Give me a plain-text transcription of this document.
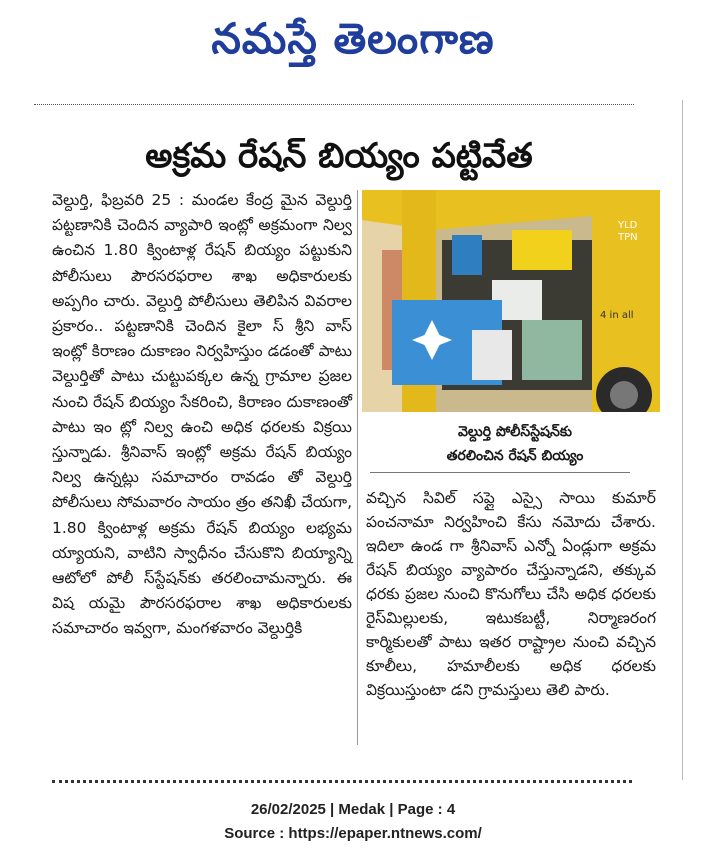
నమస్తే తెలంగాణ
అక్రమ రేషన్‌ బియ్యం పట్టివేత

వెల్దుర్తి, ఫిబ్రవరి 25 : మండల కేంద్ర మైన వెల్దుర్తి పట్టణానికి చెందిన వ్యాపారి ఇంట్లో అక్రమంగా నిల్వ ఉంచిన 1.80 క్వింటాళ్ల రేషన్‌ బియ్యం పట్టుకుని పోలీసులు పౌరసరఫరాల శాఖ అధికారులకు అప్పగిం చారు. వెల్దుర్తి పోలీసులు తెలిపిన వివరాల ప్రకారం.. పట్టణానికి చెందిన కైలా స్‌ శ్రీని వాస్‌ ఇంట్లో కిరాణం దుకాణం నిర్వహిస్తుం డడంతో పాటు వెల్దుర్తితో పాటు చుట్టుపక్కల ఉన్న గ్రామాల ప్రజల నుంచి రేషన్‌ బియ్యం సేకరించి, కిరాణం దుకాణంతో పాటు ఇం ట్లో నిల్వ ఉంచి అధిక ధరలకు విక్రయి స్తున్నాడు. శ్రీనివాస్‌ ఇంట్లో అక్రమ రేషన్‌ బియ్యం నిల్వ ఉన్నట్లు సమాచారం రావడం తో వెల్దుర్తి పోలీసులు సోమవారం సాయం త్రం తనిఖీ చేయగా, 1.80 క్వింటాళ్ల అక్రమ రేషన్‌ బియ్యం లభ్యమ య్యాయని, వాటిని స్వాధీనం చేసుకొని బియ్యాన్ని ఆటోలో పోలీ స్‌స్టేషన్‌కు తరలించామన్నారు. ఈ విష యమై పౌరసరఫరాల శాఖ అధికారులకు సమాచారం ఇవ్వగా, మంగళవారం వెల్దుర్తికి

YLD
TPN
4 in all
వెల్దుర్తి పోలీస్‌స్టేషన్‌కు
తరలించిన రేషన్‌ బియ్యం

వచ్చిన సివిల్‌ సప్లై ఎస్సై సాయి కుమార్‌ పంచనామా నిర్వహించి కేసు నమోదు చేశారు. ఇదిలా ఉండ గా శ్రీనివాస్‌ ఎన్నో ఏండ్లుగా అక్రమ రేషన్‌ బియ్యం వ్యాపారం చేస్తున్నాడని, తక్కువ ధరకు ప్రజల నుంచి కొనుగోలు చేసి అధిక ధరలకు రైస్‌మిల్లులకు, ఇటుకబట్టీ, నిర్మాణరంగ కార్మికులతో పాటు ఇతర రాష్ట్రాల నుంచి వచ్చిన కూలీలు, హమాలీలకు అధిక ధరలకు విక్రయిస్తుంటా డని గ్రామస్తులు తెలి పారు.

26/02/2025 | Medak | Page : 4
Source : https://epaper.ntnews.com/
